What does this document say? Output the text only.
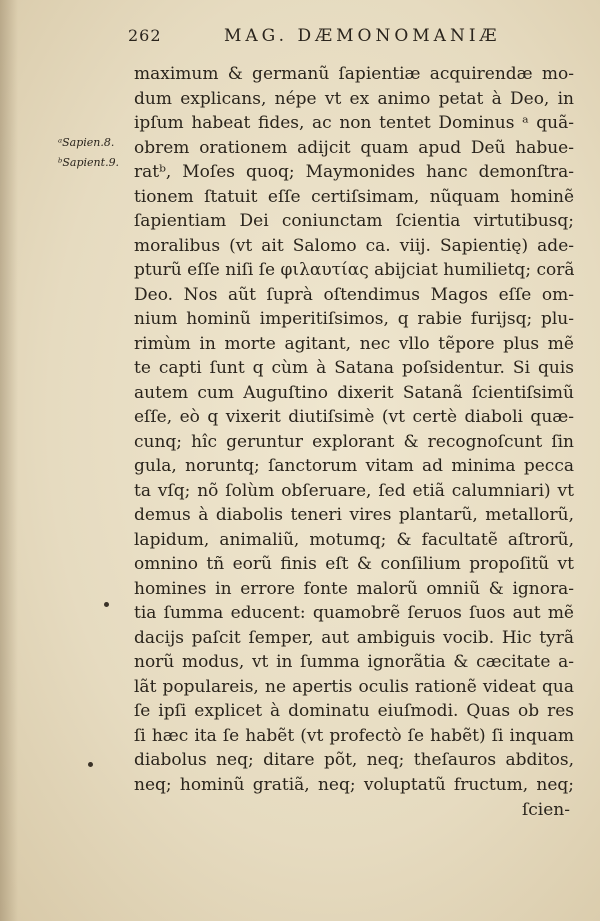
262	MAG. DÆMONOMANIÆ
ᵃSapien.8.
ᵇSapient.9.
maximum & germanũ ſapientiæ acquirendæ mo-
dum explicans, népe vt ex animo petat à Deo, in
ipſum habeat fides, ac non tentet Dominus ᵃ quã-
obrem orationem adijcit quam apud Deũ habue-
ratᵇ, Moſes quoq; Maymonides hanc demonſtra-
tionem ſtatuit eſſe certiſsimam, nũquam hominẽ
ſapientiam Dei coniunctam ſcientia virtutibusq;
moralibus (vt ait Salomo ca. viij. Sapientię) ade-
pturũ eſſe niſi ſe φιλαυτίας abijciat humilietq; corã
Deo. Nos aũt ſuprà oſtendimus Magos eſſe om-
nium hominũ imperitiſsimos, q rabie furijsq; plu-
rimùm in morte agitant, nec vllo tẽpore plus mẽ
te capti ſunt q cùm à Satana poſsidentur. Si quis
autem cum Auguſtino dixerit Satanã ſcientiſsimũ
eſſe, eò q vixerit diutiſsimè (vt certè diaboli quæ-
cunq; hîc geruntur explorant & recognoſcunt ſin
gula, noruntq; ſanctorum vitam ad minima pecca
ta vſq; nõ ſolùm obſeruare, ſed etiã calumniari) vt
demus à diabolis teneri vires plantarũ, metallorũ,
lapidum, animaliũ, motumq; & facultatẽ aſtrorũ,
omnino tñ eorũ finis eſt & conſilium propoſitũ vt
homines in errore fonte malorũ omniũ & ignora-
tia ſumma educent: quamobrẽ ſeruos ſuos aut mẽ
dacijs paſcit ſemper, aut ambiguis vocib. Hic tyrã
norũ modus, vt in ſumma ignorãtia & cæcitate a-
lãt populareis, ne apertis oculis rationẽ videat qua
ſe ipſi explicet à dominatu eiuſmodi. Quas ob res
ſi hæc ita ſe habẽt (vt profectò ſe habẽt) ſi inquam
diabolus neq; ditare põt, neq; theſauros abditos,
neq; hominũ gratiã, neq; voluptatũ fructum, neq;
ſcien-
